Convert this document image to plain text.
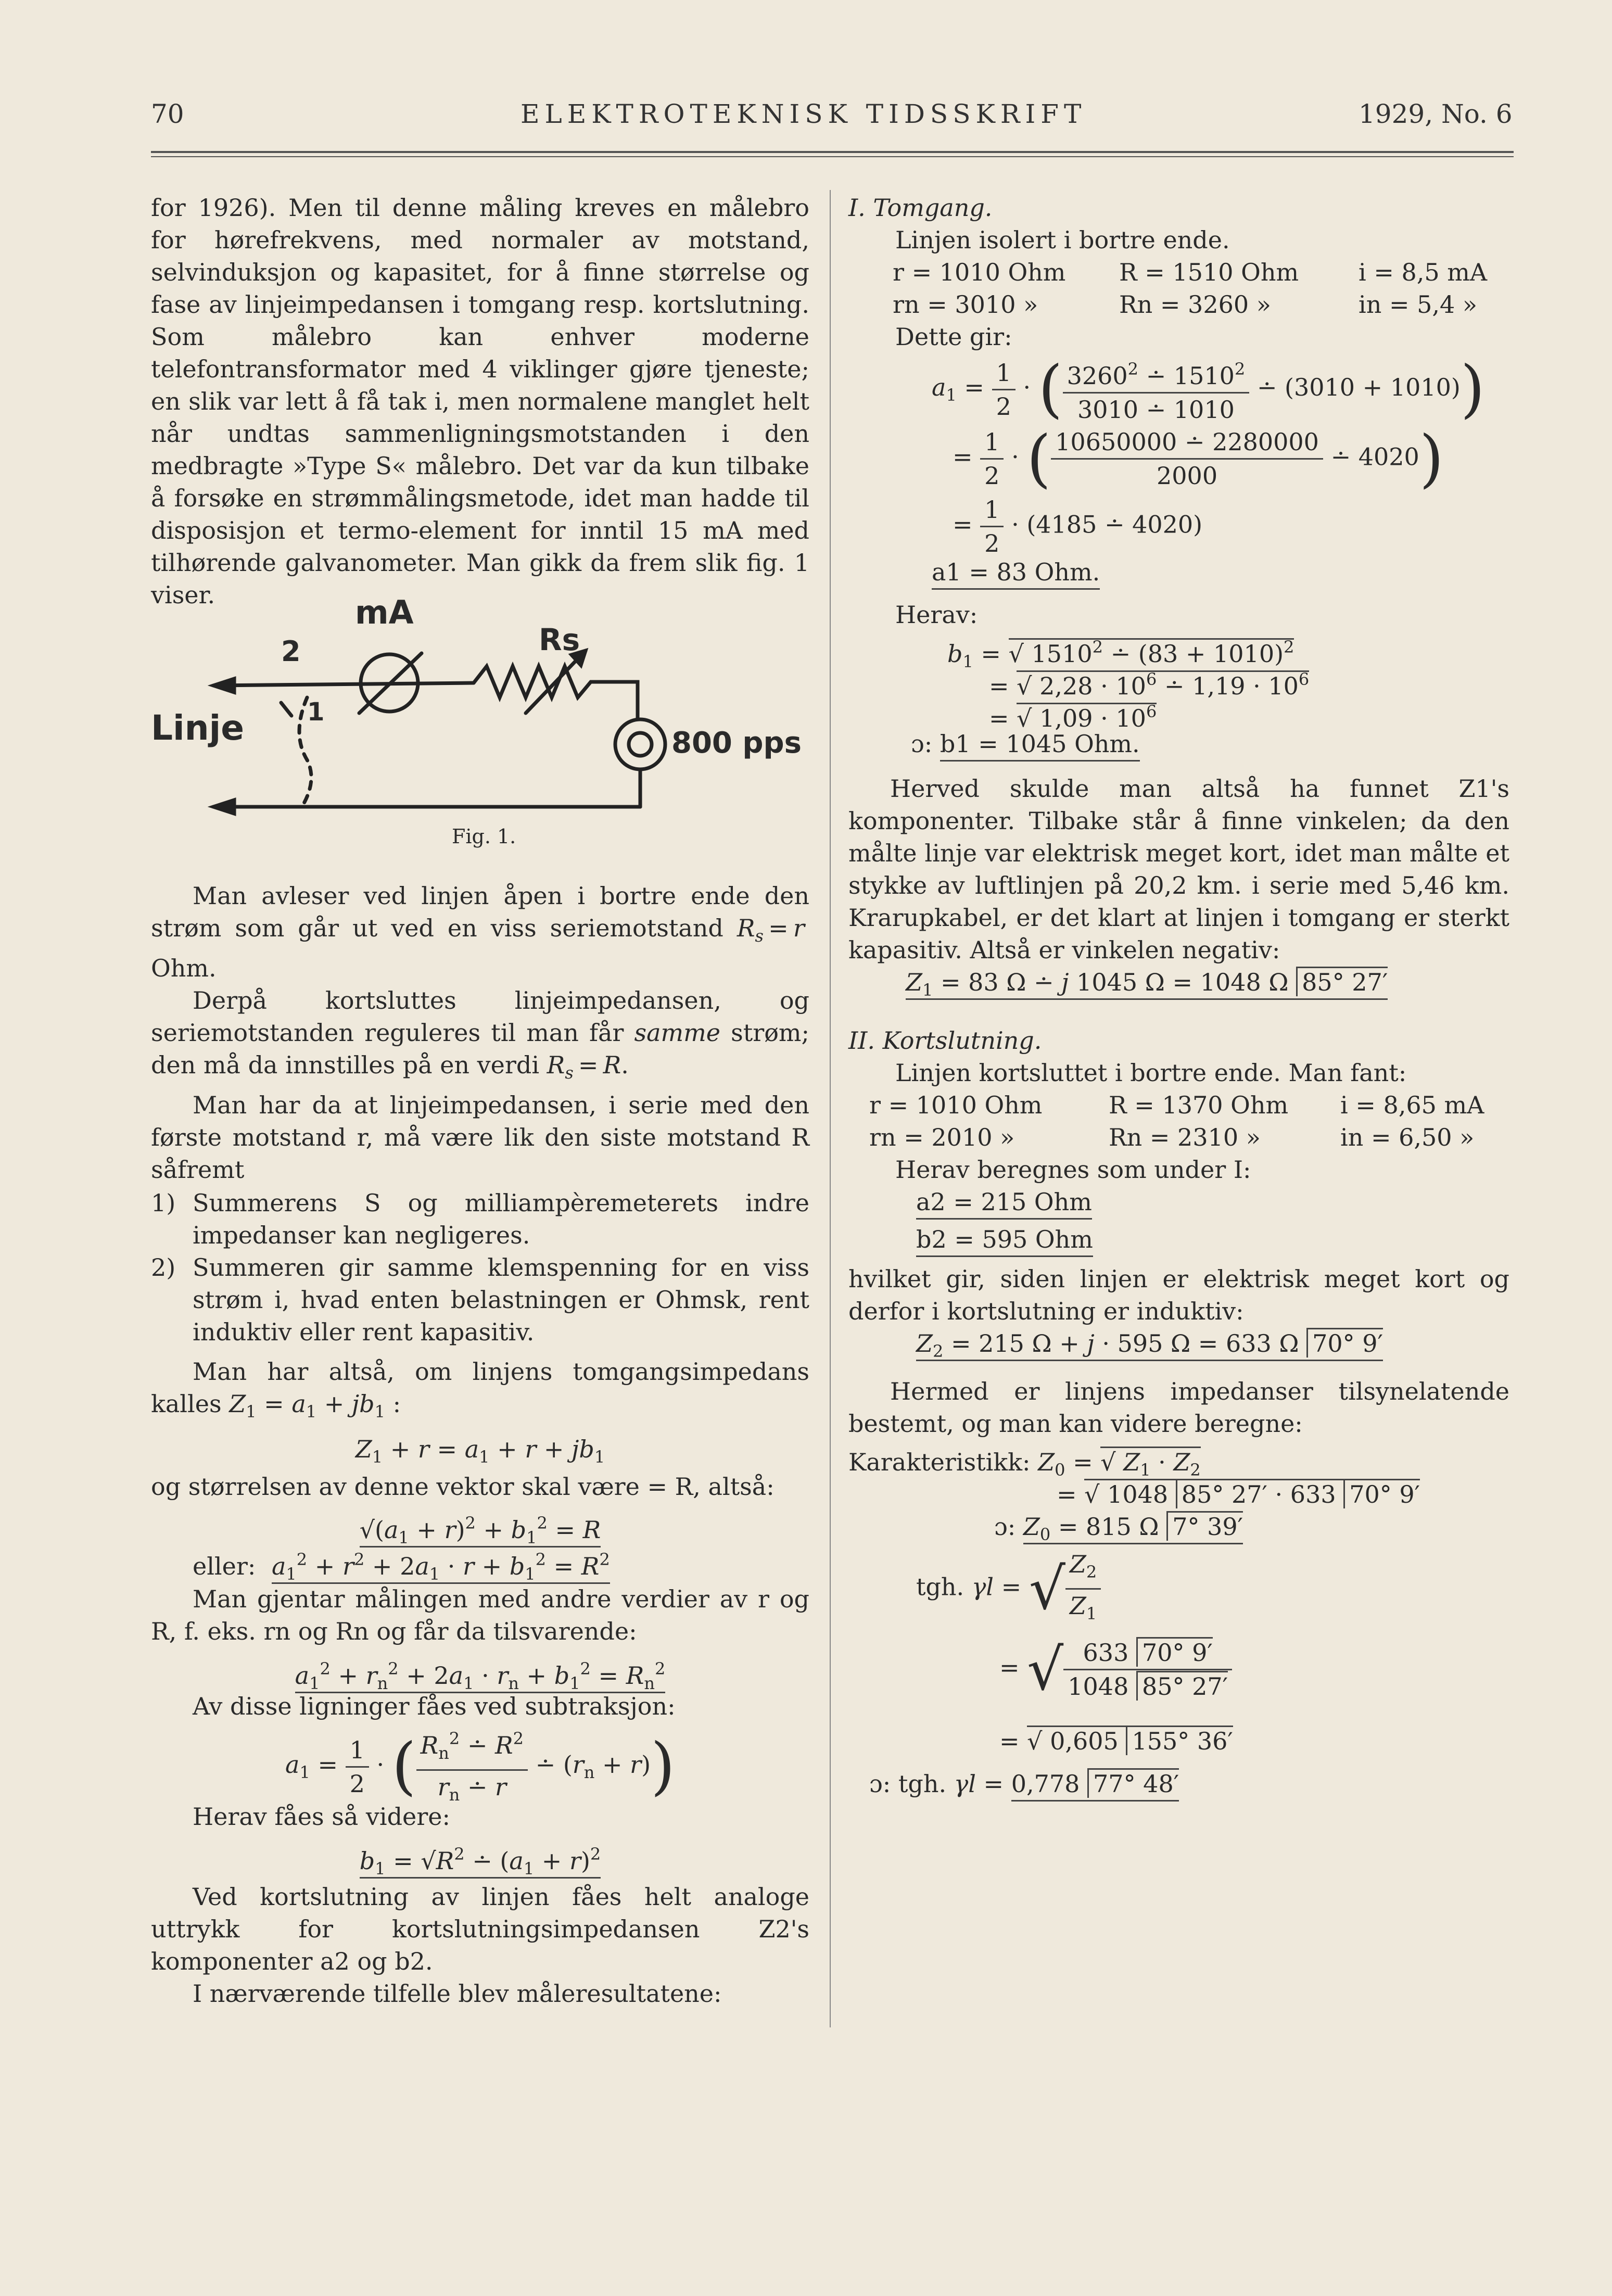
70	ELEKTROTEKNISK TIDSSKRIFT	1929, No. 6

for 1926). Men til denne måling kreves en målebro for hørefrekvens, med normaler av motstand, selvinduksjon og kapasitet, for å finne størrelse og fase av linjeimpedansen i tomgang resp. kortslutning. Som målebro kan enhver moderne telefontransformator med 4 viklinger gjøre tjeneste; en slik var lett å få tak i, men normalene manglet helt når undtas sammenligningsmotstanden i den medbragte »Type S« målebro. Det var da kun tilbake å forsøke en strømmålingsmetode, idet man hadde til disposisjon et termo-element for inntil 15 mA med tilhørende galvanometer. Man gikk da frem slik fig. 1 viser.	mA
2	Rs
Linje	1
800 pps
Fig. 1.

Man avleser ved linjen åpen i bortre ende den strøm som går ut ved en viss seriemotstand $R_s = r$ Ohm.

Derpå kortsluttes linjeimpedansen, og seriemotstanden reguleres til man får samme strøm; den må da innstilles på en verdi $R_s = R$.

Man har da at linjeimpedansen, i serie med den første motstand r, må være lik den siste motstand R såfremt

1) Summerens S og milliampèremeterets indre impedanser kan negligeres.
2) Summeren gir samme klemspenning for en viss strøm i, hvad enten belastningen er Ohmsk, rent induktiv eller rent kapasitiv.

Man har altså, om linjens tomgangsimpedans kalles $Z_1 = a_1 + jb_1$ :

$Z_1 + r = a_1 + r + jb_1$

og størrelsen av denne vektor skal være = R, altså:

$√(a_1 + r)^2 + b_1^2 = R$
eller: $a_1^2 + r^2 + 2a_1 \cdot r + b_1^2 = R^2$

Man gjentar målingen med andre verdier av r og R, f. eks. rn og Rn og får da tilsvarende:

$a_1^2 + r_n^2 + 2a_1 \cdot r_n + b_1^2 = R_n^2$

Av disse ligninger fåes ved subtraksjon:

$a_1 = \frac{1}{2}$ · ( $\frac{R_n^2 ∸ R^2}{r_n ∸ r}$ ∸ $(r_n + r)$)

Herav fåes så videre:

$b_1 = √R^2$ ∸ $(a_1 + r)^2$

Ved kortslutning av linjen fåes helt analoge uttrykk for kortslutningsimpedansen Z2's komponenter a2 og b2.

I nærværende tilfelle blev måleresultatene:

I. Tomgang.
Linjen isolert i bortre ende.
r = 1010 Ohm R = 1510 Ohm i = 8,5 mA
rn = 3010 »	Rn = 3260 »	in = 5,4 »
Dette gir:
$a_1 = \frac{1}{2}$ · ( $\frac{3260^2 ∸ 1510^2}{3010 ∸ 1010}$ ∸ (3010 + 1010))
= $\frac{1}{2}$ · ( $\frac{10650000 ∸ 2280000}{2000}$ ∸ 4020)
= $\frac{1}{2} \cdot (4185$ ∸ 4020)
a1 = 83 Ohm.
Herav:
$b_1$ = √ 1510$^2$ ∸ $(83 + 1010)^2$
= √ $2,28 \cdot 10^6$ ∸ $1,19 \cdot 10^6$
= √ $1,09 \cdot 10^6$
ɔ: b1 = 1045 Ohm.

Herved skulde man altså ha funnet Z1's komponenter. Tilbake står å finne vinkelen; da den målte linje var elektrisk meget kort, idet man målte et stykke av luftlinjen på 20,2 km. i serie med 5,46 km. Krarupkabel, er det klart at linjen i tomgang er sterkt kapasitiv. Altså er vinkelen negativ:

$Z_1 = 83$ Ω ∸ j 1045 Ω = 1048 Ω 85° 27′
II. Kortslutning.
Linjen kortsluttet i bortre ende. Man fant:
r = 1010 Ohm	R = 1370 Ohm i = 8,65 mA
rn = 2010 »	Rn = 2310 »	in = 6,50 »
Herav beregnes som under I:
a2 = 215 Ohm
b2 = 595 Ohm

hvilket gir, siden linjen er elektrisk meget kort og derfor i kortslutning er induktiv:

$Z_2 = 215$ Ω + j · 595 Ω = 633 Ω 70° 9′

Hermed er linjens impedanser tilsynelatende bestemt, og man kan videre beregne:

Karakteristikk: $Z_0$ = √ $Z_1 \cdot Z_2$
= √ 1048 85° 27′ · 633 70° 9′
ɔ: $Z_0 = 815$ Ω 7° 39′
tgh. γl = √ $\frac{Z_2}{Z_1}$
= √ $\frac{633 70^\circ 9'}{1048 85^\circ 27'}$
= √ 0,605 155° 36′
ɔ: tgh. γl = 0,778 77° 48′
